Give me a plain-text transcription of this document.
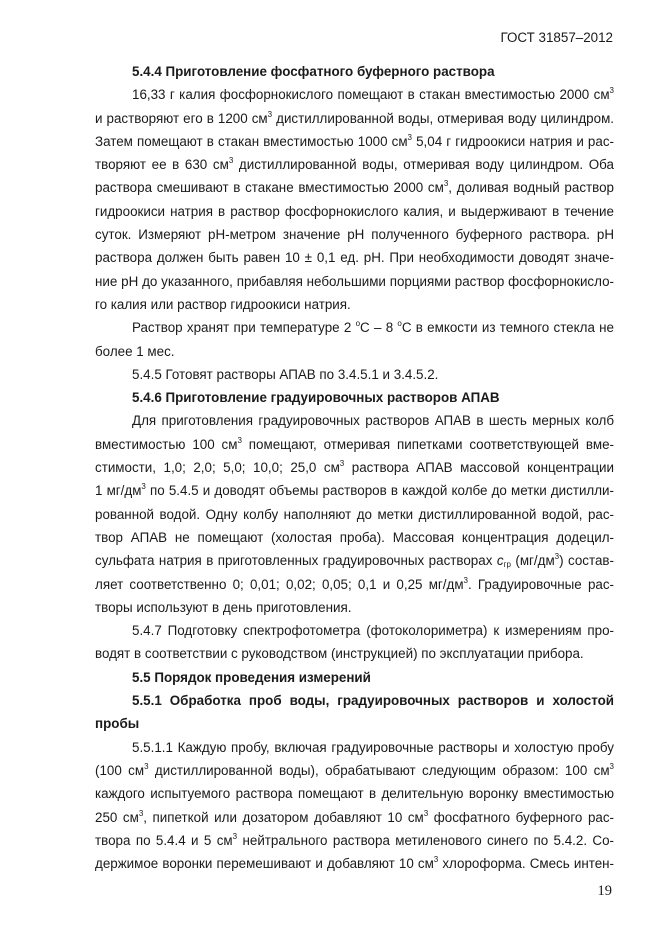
ГОСТ 31857–2012
5.4.4 Приготовление фосфатного буферного раствора
16,33 г калия фосфорнокислого помещают в стакан вместимостью 2000 $см^3$
и растворяют его в 1200 $см^3$ дистиллированной воды, отмеривая воду цилиндром.
Затем помещают в стакан вместимостью 1000 $см^3$ 5,04 г гидроокиси натрия и рас-
творяют ее в 630 $см^3$ дистиллированной воды, отмеривая воду цилиндром. Оба
раствора смешивают в стакане вместимостью 2000 $см^3$, доливая водный раствор
гидроокиси натрия в раствор фосфорнокислого калия, и выдерживают в течение
суток. Измеряют рН-метром значение рН полученного буферного раствора. рН
раствора должен быть равен 10 ± 0,1 ед. рН. При необходимости доводят значе-
ние рН до указанного, прибавляя небольшими порциями раствор фосфорнокисло-
го калия или раствор гидроокиси натрия.
Раствор хранят при температуре 2 $^o$С – 8 $^o$С в емкости из темного стекла не
более 1 мес.
5.4.5 Готовят растворы АПАВ по 3.4.5.1 и 3.4.5.2.
5.4.6 Приготовление градуировочных растворов АПАВ
Для приготовления градуировочных растворов АПАВ в шесть мерных колб
вместимостью 100 $см^3$ помещают, отмеривая пипетками соответствующей вме-
стимости, 1,0; 2,0; 5,0; 10,0; 25,0 $см^3$ раствора АПАВ массовой концентрации
1 $мг/дм^3$ по 5.4.5 и доводят объемы растворов в каждой колбе до метки дистилли-
рованной водой. Одну колбу наполняют до метки дистиллированной водой, рас-
твор АПАВ не помещают (холостая проба). Массовая концентрация додецил-
сульфата натрия в приготовленных градуировочных растворах $c_{гр}$ $(мг/дм^3)$ состав-
ляет соответственно 0; 0,01; 0,02; 0,05; 0,1 и 0,25 $мг/дм^3$. Градуировочные рас-
творы используют в день приготовления.
5.4.7 Подготовку спектрофотометра (фотоколориметра) к измерениям про-
водят в соответствии с руководством (инструкцией) по эксплуатации прибора.
5.5 Порядок проведения измерений
5.5.1 Обработка проб воды, градуировочных растворов и холостой
пробы
5.5.1.1 Каждую пробу, включая градуировочные растворы и холостую пробу
(100 $см^3$ дистиллированной воды), обрабатывают следующим образом: 100 $см^3$
каждого испытуемого раствора помещают в делительную воронку вместимостью
250 $см^3$, пипеткой или дозатором добавляют 10 $см^3$ фосфатного буферного рас-
твора по 5.4.4 и 5 $см^3$ нейтрального раствора метиленового синего по 5.4.2. Со-
держимое воронки перемешивают и добавляют 10 $см^3$ хлороформа. Смесь интен-
19
